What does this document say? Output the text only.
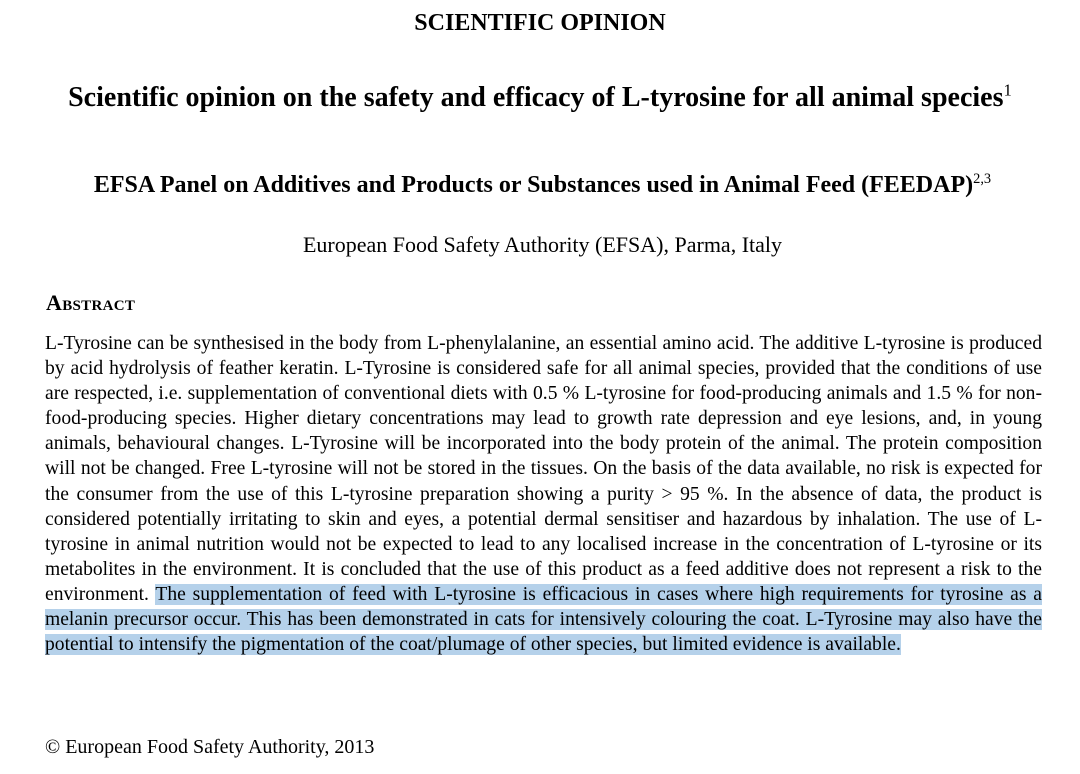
SCIENTIFIC OPINION
Scientific opinion on the safety and efficacy of L-tyrosine for all animal species$^1$
EFSA Panel on Additives and Products or Substances used in Animal Feed (FEEDAP)$^{2,3}$
European Food Safety Authority (EFSA), Parma, Italy
Abstract

L-Tyrosine can be synthesised in the body from L-phenylalanine, an essential amino acid. The additive L-tyrosine is produced by acid hydrolysis of feather keratin. L-Tyrosine is considered safe for all animal species, provided that the conditions of use are respected, i.e. supplementation of conventional diets with 0.5 % L-tyrosine for food-producing animals and 1.5 % for non-food-producing species. Higher dietary concentrations may lead to growth rate depression and eye lesions, and, in young animals, behavioural changes. L-Tyrosine will be incorporated into the body protein of the animal. The protein composition will not be changed. Free L-tyrosine will not be stored in the tissues. On the basis of the data available, no risk is expected for the consumer from the use of this L-tyrosine preparation showing a purity > 95 %. In the absence of data, the product is considered potentially irritating to skin and eyes, a potential dermal sensitiser and hazardous by inhalation. The use of L-tyrosine in animal nutrition would not be expected to lead to any localised increase in the concentration of L-tyrosine or its metabolites in the environment. It is concluded that the use of this product as a feed additive does not represent a risk to the environment. The supplementation of feed with L-tyrosine is efficacious in cases where high requirements for tyrosine as a melanin precursor occur. This has been demonstrated in cats for intensively colouring the coat. L-Tyrosine may also have the potential to intensify the pigmentation of the coat/plumage of other species, but limited evidence is available.

© European Food Safety Authority, 2013
